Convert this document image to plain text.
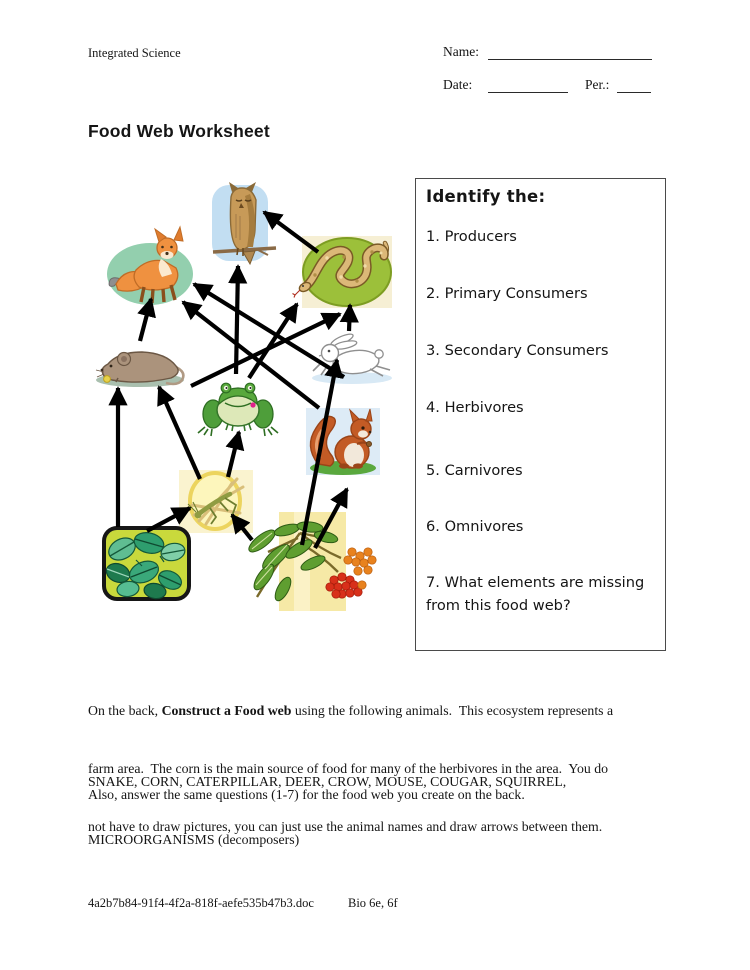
Integrated Science	Name:
Date:	Per.:
Food Web Worksheet
Identify the:
1. Producers
2. Primary Consumers
3. Secondary Consumers
4. Herbivores
5. Carnivores
6. Omnivores
7. What elements are missing from this food web?

On the back, Construct a Food web using the following animals.  This ecosystem represents a

farm area.  The corn is the main source of food for many of the herbivores in the area.  You do

not have to draw pictures, you can just use the animal names and draw arrows between them.

SNAKE, CORN, CATERPILLAR, DEER, CROW, MOUSE, COUGAR, SQUIRREL,

MICROORGANISMS (decomposers)

Also, answer the same questions (1-7) for the food web you create on the back.
4a2b7b84-91f4-4f2a-818f-aefe535b47b3.doc	Bio 6e, 6f
